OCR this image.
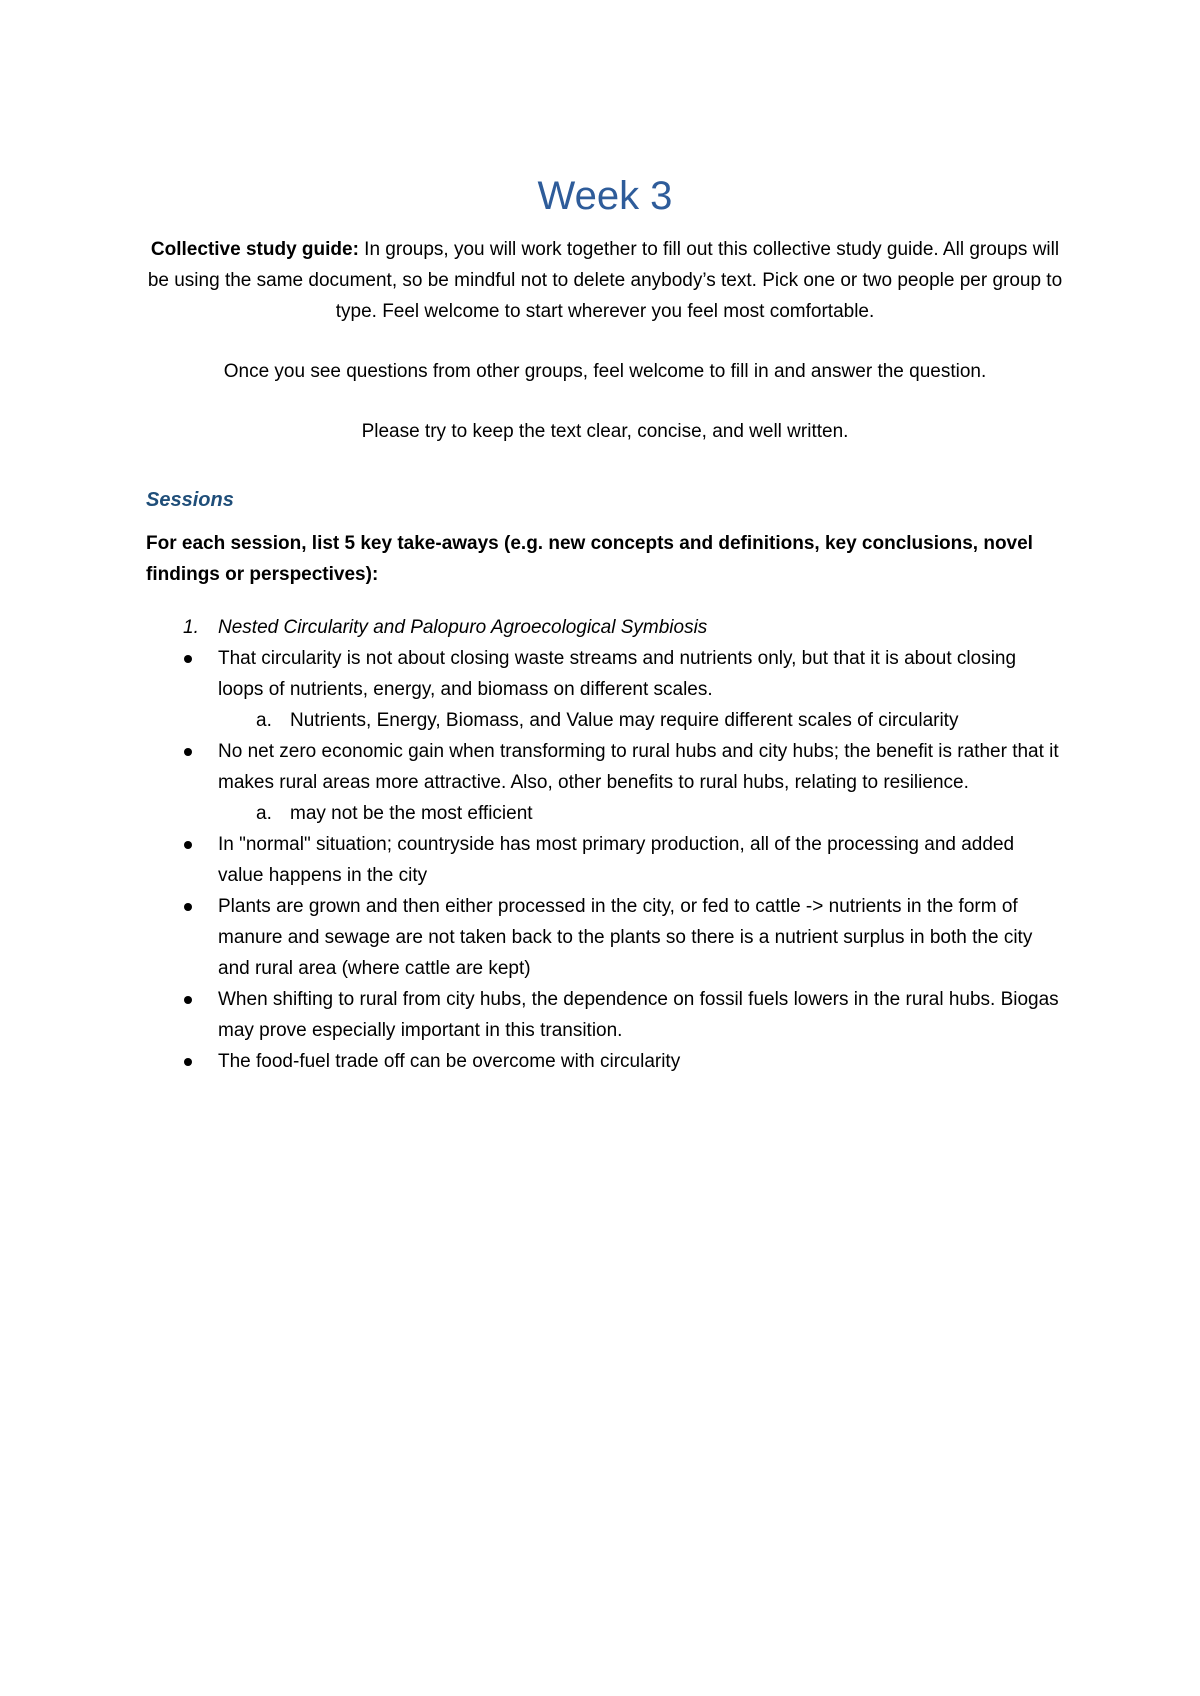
Week 3

Collective study guide: In groups, you will work together to fill out this collective study guide. All groups will be using the same document, so be mindful not to delete anybody’s text. Pick one or two people per group to type. Feel welcome to start wherever you feel most comfortable.

Once you see questions from other groups, feel welcome to fill in and answer the question.

Please try to keep the text clear, concise, and well written.

Sessions

For each session, list 5 key take-aways (e.g. new concepts and definitions, key conclusions, novel findings or perspectives):

1. Nested Circularity and Palopuro Agroecological Symbiosis

That circularity is not about closing waste streams and nutrients only, but that it is about closing loops of nutrients, energy, and biomass on different scales.
a. Nutrients, Energy, Biomass, and Value may require different scales of circularity
No net zero economic gain when transforming to rural hubs and city hubs; the benefit is rather that it makes rural areas more attractive. Also, other benefits to rural hubs, relating to resilience.
a. may not be the most efficient
In "normal" situation; countryside has most primary production, all of the processing and added value happens in the city
Plants are grown and then either processed in the city, or fed to cattle -> nutrients in the form of manure and sewage are not taken back to the plants so there is a nutrient surplus in both the city and rural area (where cattle are kept)
When shifting to rural from city hubs, the dependence on fossil fuels lowers in the rural hubs. Biogas may prove especially important in this transition.
The food-fuel trade off can be overcome with circularity
